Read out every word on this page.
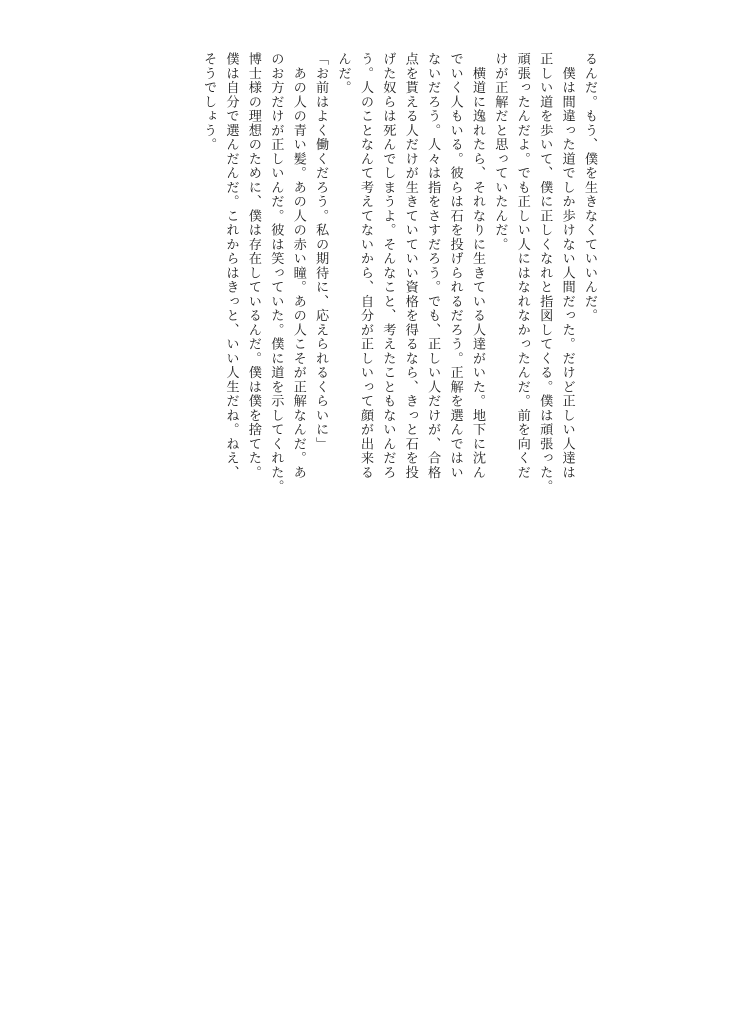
るんだ。もう、僕を生きなくていいんだ。
　僕は間違った道でしか歩けない人間だった。だけど正しい人達は
正しい道を歩いて、僕に正しくなれと指図してくる。僕は頑張った。
頑張ったんだよ。でも正しい人にはなれなかったんだ。前を向くだ
けが正解だと思っていたんだ。
　横道に逸れたら、それなりに生きている人達がいた。地下に沈ん
でいく人もいる。彼らは石を投げられるだろう。正解を選んではい
ないだろう。人々は指をさすだろう。でも、正しい人だけが、合格
点を貰える人だけが生きていていい資格を得るなら、きっと石を投
げた奴らは死んでしまうよ。そんなこと、考えたこともないんだろ
う。人のことなんて考えてないから、自分が正しいって顔が出来る
んだ。
「お前はよく働くだろう。私の期待に、応えられるくらいに」
　あの人の青い髪。あの人の赤い瞳。あの人こそが正解なんだ。あ
のお方だけが正しいんだ。彼は笑っていた。僕に道を示してくれた。
博士様の理想のために、僕は存在しているんだ。僕は僕を捨てた。
僕は自分で選んだんだ。これからはきっと、いい人生だね。ねえ、
そうでしょう。
